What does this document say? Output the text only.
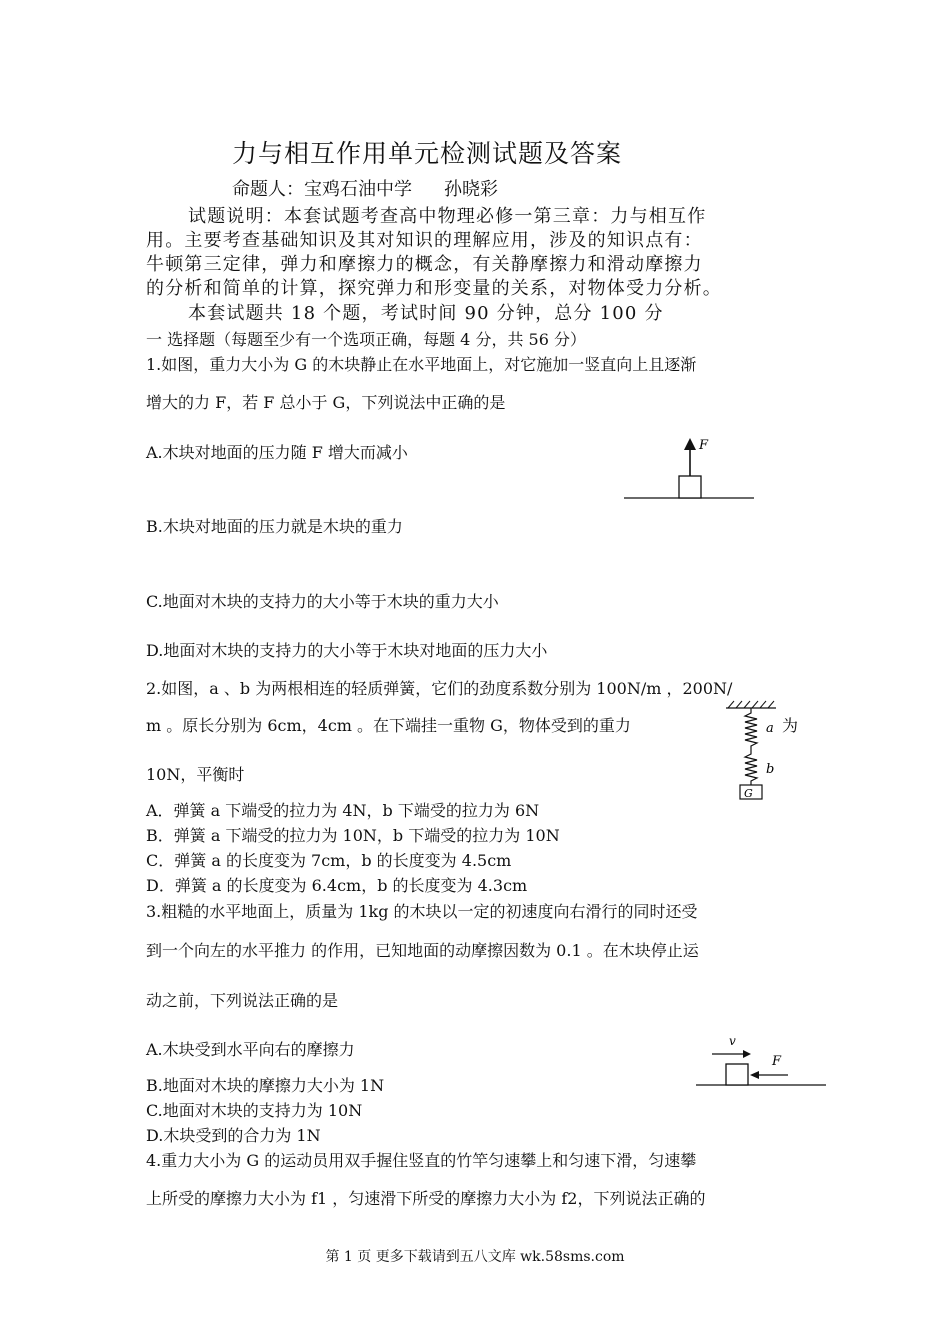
力与相互作用单元检测试题及答案
命题人：宝鸡石油中学 孙晓彩
试题说明：本套试题考查高中物理必修一第三章：力与相互作
用。主要考查基础知识及其对知识的理解应用，涉及的知识点有：
牛顿第三定律，弹力和摩擦力的概念，有关静摩擦力和滑动摩擦力
的分析和简单的计算，探究弹力和形变量的关系，对物体受力分析。
本套试题共 18 个题，考试时间 90 分钟，总分 100 分
一 选择题（每题至少有一个选项正确，每题 4 分，共 56 分）
1.如图，重力大小为 G 的木块静止在水平地面上，对它施加一竖直向上且逐渐
增大的力 F，若 F 总小于 G，下列说法中正确的是
A.木块对地面的压力随 F 增大而减小
B.木块对地面的压力就是木块的重力
C.地面对木块的支持力的大小等于木块的重力大小
D.地面对木块的支持力的大小等于木块对地面的压力大小
F
2.如图，a 、b 为两根相连的轻质弹簧，它们的劲度系数分别为 100N/m ，200N/
m 。原长分别为 6cm，4cm 。在下端挂一重物 G，物体受到的重力	为
10N，平衡时
A．弹簧 a 下端受的拉力为 4N，b 下端受的拉力为 6N
B．弹簧 a 下端受的拉力为 10N，b 下端受的拉力为 10N
C．弹簧 a 的长度变为 7cm，b 的长度变为 4.5cm
D．弹簧 a 的长度变为 6.4cm，b 的长度变为 4.3cm
G
a
b
3.粗糙的水平地面上，质量为 1kg 的木块以一定的初速度向右滑行的同时还受
到一个向左的水平推力 的作用，已知地面的动摩擦因数为 0.1 。在木块停止运
动之前，下列说法正确的是
A.木块受到水平向右的摩擦力
B.地面对木块的摩擦力大小为 1N
C.地面对木块的支持力为 10N
D.木块受到的合力为 1N
v
F
4.重力大小为 G 的运动员用双手握住竖直的竹竿匀速攀上和匀速下滑，匀速攀
上所受的摩擦力大小为 f1 ，匀速滑下所受的摩擦力大小为 f2，下列说法正确的
第 1 页 更多下载请到五八文库 wk.58sms.com
